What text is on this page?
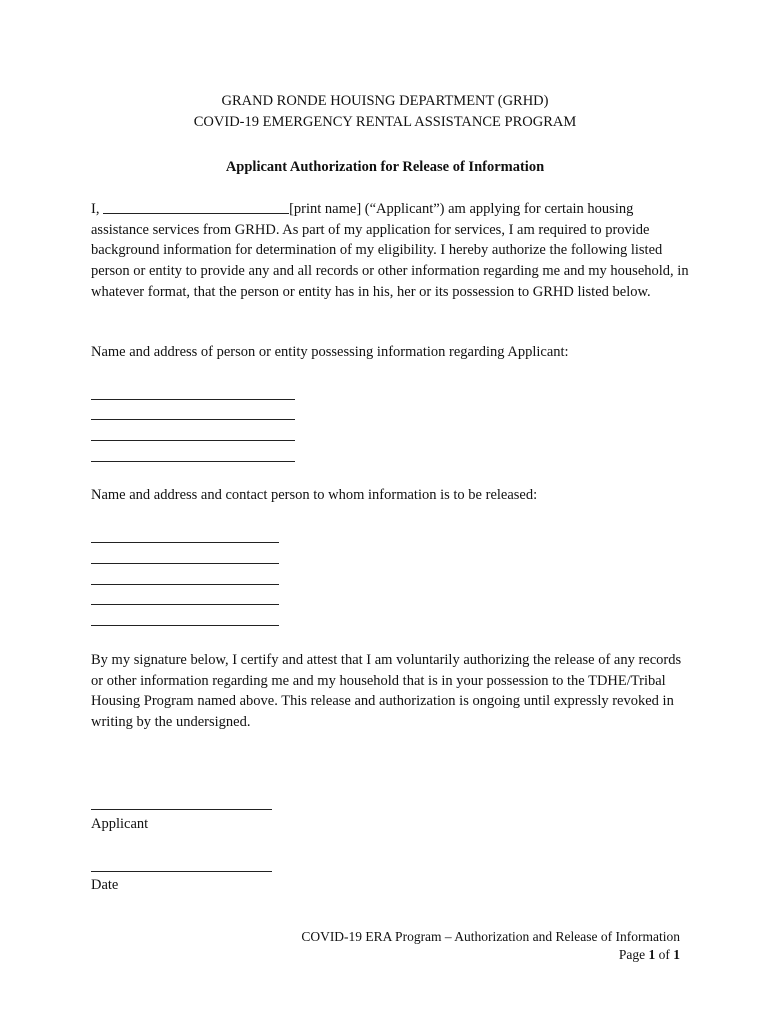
GRAND RONDE HOUISNG DEPARTMENT (GRHD)
COVID-19 EMERGENCY RENTAL ASSISTANCE PROGRAM
Applicant Authorization for Release of Information

I,	[print name] (“Applicant”) am applying for certain housing assistance services from GRHD. As part of my application for services, I am required to provide background information for determination of my eligibility. I hereby authorize the following listed person or entity to provide any and all records or other information regarding me and my household, in whatever format, that the person or entity has in his, her or its possession to GRHD listed below.

Name and address of person or entity possessing information regarding Applicant:
Name and address and contact person to whom information is to be released:

By my signature below, I certify and attest that I am voluntarily authorizing the release of any records or other information regarding me and my household that is in your possession to the TDHE/Tribal Housing Program named above. This release and authorization is ongoing until expressly revoked in writing by the undersigned.

Applicant
Date
COVID-19 ERA Program – Authorization and Release of Information
Page 1 of 1
